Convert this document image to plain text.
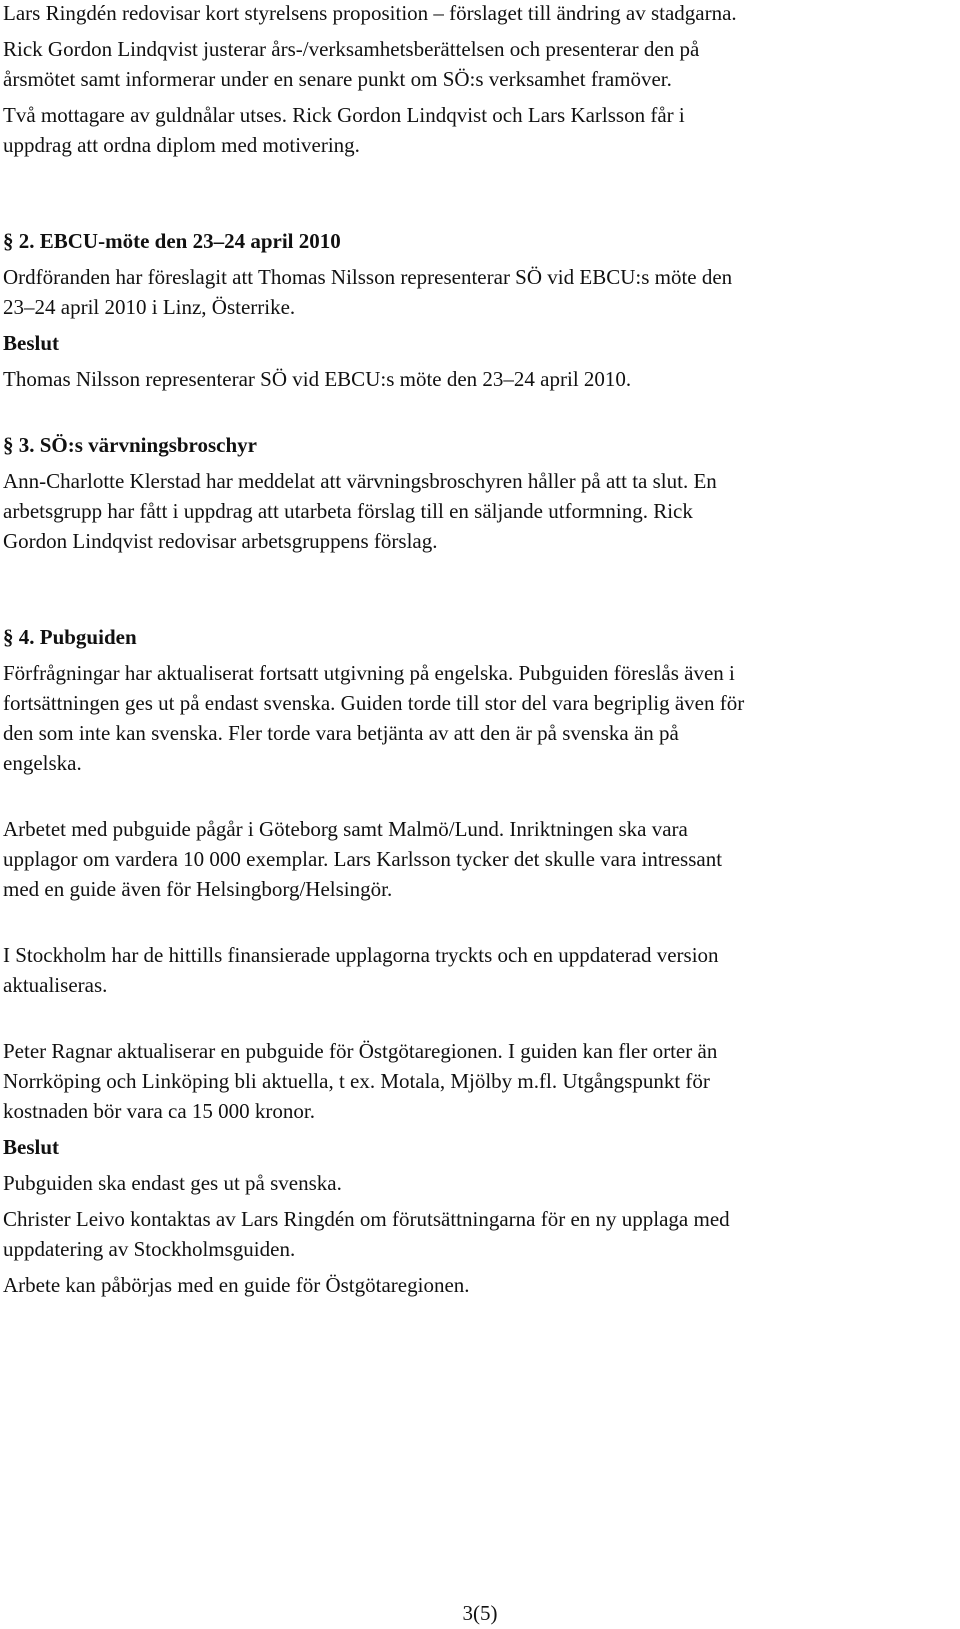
Lars Ringdén redovisar kort styrelsens proposition – förslaget till ändring av stadgarna.

Rick Gordon Lindqvist justerar års-/verksamhetsberättelsen och presenterar den på
årsmötet samt informerar under en senare punkt om SÖ:s verksamhet framöver.

Två mottagare av guldnålar utses. Rick Gordon Lindqvist och Lars Karlsson får i
uppdrag att ordna diplom med motivering.

§ 2. EBCU-möte den 23–24 april 2010

Ordföranden har föreslagit att Thomas Nilsson representerar SÖ vid EBCU:s möte den
23–24 april 2010 i Linz, Österrike.

Beslut

Thomas Nilsson representerar SÖ vid EBCU:s möte den 23–24 april 2010.

§ 3. SÖ:s värvningsbroschyr

Ann-Charlotte Klerstad har meddelat att värvningsbroschyren håller på att ta slut. En
arbetsgrupp har fått i uppdrag att utarbeta förslag till en säljande utformning. Rick
Gordon Lindqvist redovisar arbetsgruppens förslag.

§ 4. Pubguiden

Förfrågningar har aktualiserat fortsatt utgivning på engelska. Pubguiden föreslås även i
fortsättningen ges ut på endast svenska. Guiden torde till stor del vara begriplig även för
den som inte kan svenska. Fler torde vara betjänta av att den är på svenska än på
engelska.

Arbetet med pubguide pågår i Göteborg samt Malmö/Lund. Inriktningen ska vara
upplagor om vardera 10 000 exemplar. Lars Karlsson tycker det skulle vara intressant
med en guide även för Helsingborg/Helsingör.

I Stockholm har de hittills finansierade upplagorna tryckts och en uppdaterad version
aktualiseras.

Peter Ragnar aktualiserar en pubguide för Östgötaregionen. I guiden kan fler orter än
Norrköping och Linköping bli aktuella, t ex. Motala, Mjölby m.fl. Utgångspunkt för
kostnaden bör vara ca 15 000 kronor.

Beslut

Pubguiden ska endast ges ut på svenska.

Christer Leivo kontaktas av Lars Ringdén om förutsättningarna för en ny upplaga med
uppdatering av Stockholmsguiden.

Arbete kan påbörjas med en guide för Östgötaregionen.

3(5)
